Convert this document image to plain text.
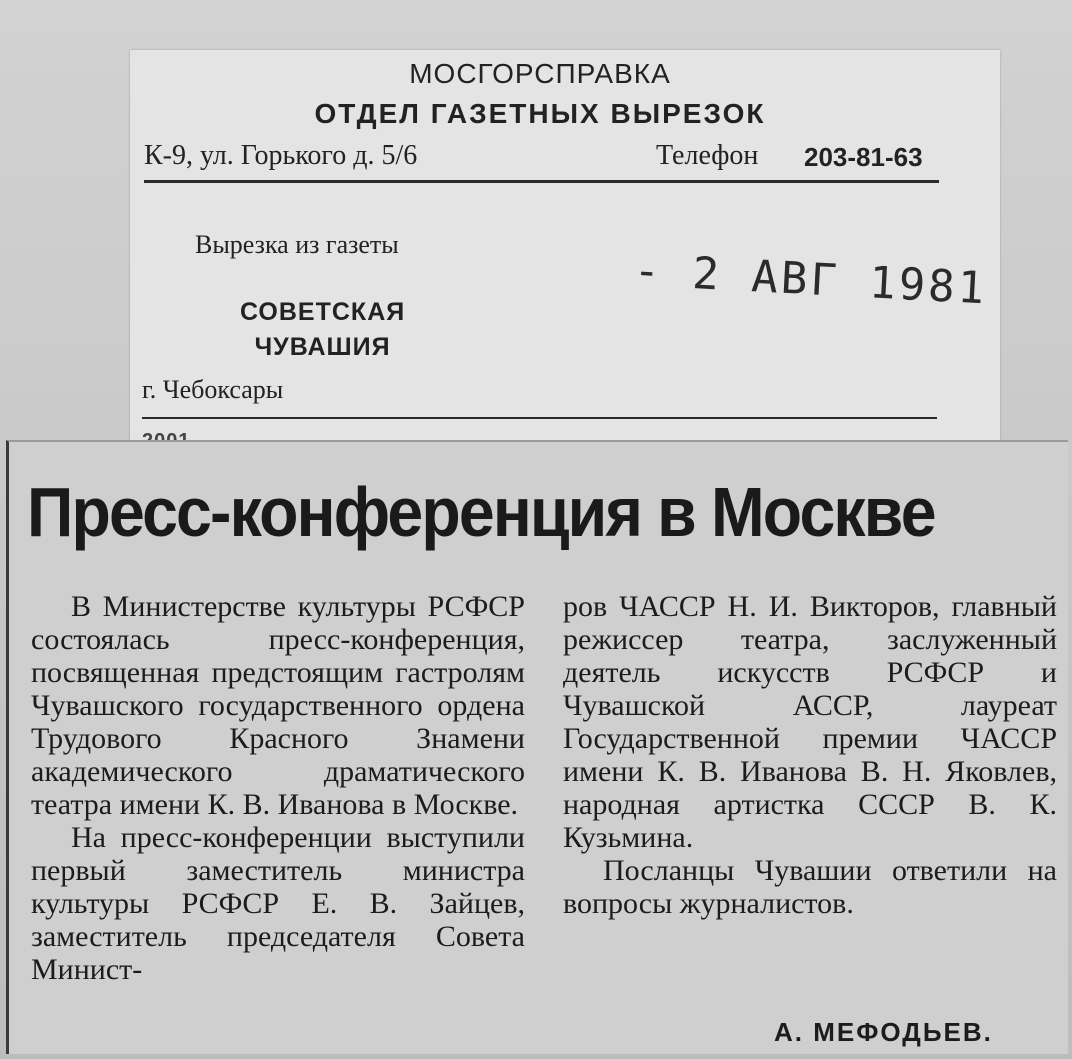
МОСГОРСПРАВКА
ОТДЕЛ ГАЗЕТНЫХ ВЫРЕЗОК
К-9, ул. Горького д. 5/6	Телефон 203-81-63
Вырезка из газеты
СОВЕТСКАЯ
ЧУВАШИЯ
г. Чебоксары
- 2 АВГ 1981
Пресс-конференция в Москве

В Министерстве культуры РСФСР состоялась пресс-конференция, посвященная предстоящим гастролям Чувашского государственного ордена Трудового Красного Знамени академического драматического театра имени К. В. Иванова в Москве.

На пресс-конференции выступили первый заместитель министра культуры РСФСР Е. В. Зайцев, заместитель председателя Совета Минист-

ров ЧАССР Н. И. Викторов, главный режиссер театра, заслуженный деятель искусств РСФСР и Чувашской АССР, лауреат Государственной премии ЧАССР имени К. В. Иванова В. Н. Яковлев, народная артистка СССР В. К. Кузьмина.

Посланцы Чувашии ответили на вопросы журналистов.

А. МЕФОДЬЕВ.
